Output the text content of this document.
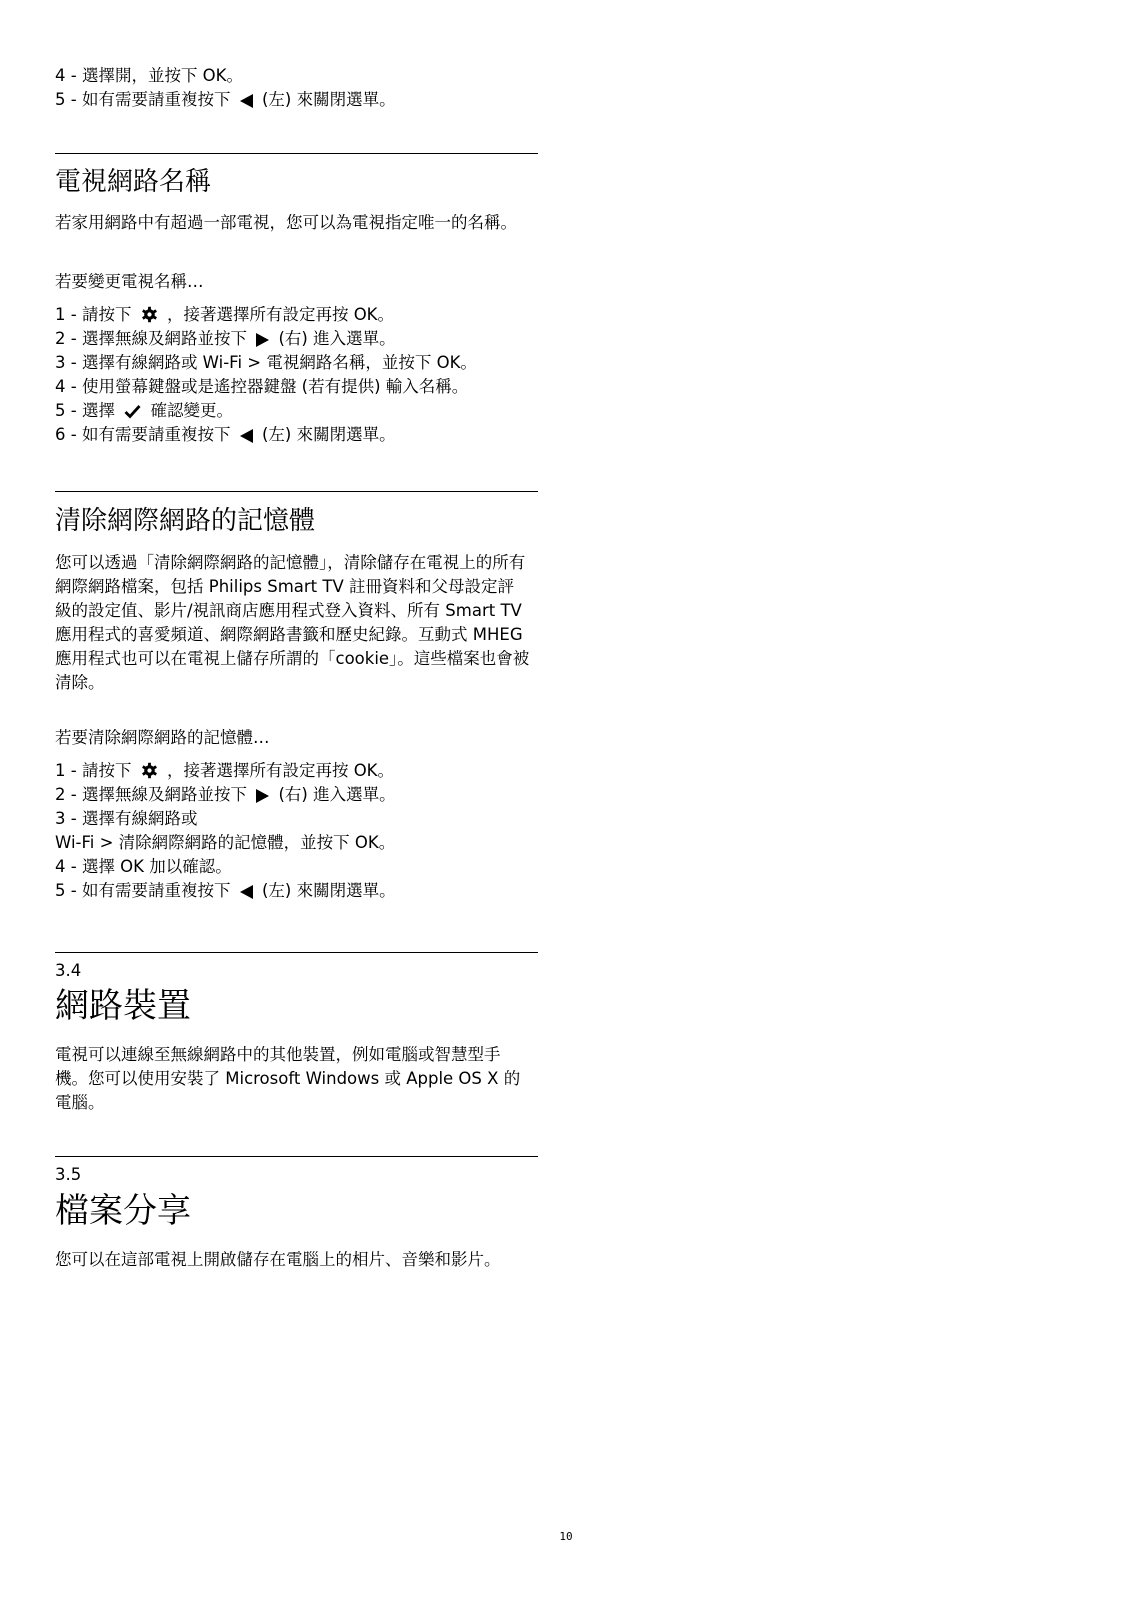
4 - 選擇開，並按下 OK。
5 - 如有需要請重複按下 (左) 來關閉選單。
電視網路名稱
若家用網路中有超過一部電視，您可以為電視指定唯一的名稱。
若要變更電視名稱…
1 - 請按下 ，接著選擇所有設定再按 OK。
2 - 選擇無線及網路並按下 (右) 進入選單。
3 - 選擇有線網路或 Wi-Fi > 電視網路名稱，並按下 OK。
4 - 使用螢幕鍵盤或是遙控器鍵盤 (若有提供) 輸入名稱。
5 - 選擇 確認變更。
6 - 如有需要請重複按下 (左) 來關閉選單。
清除網際網路的記憶體
您可以透過「清除網際網路的記憶體」，清除儲存在電視上的所有網際網路檔案，包括 Philips Smart TV 註冊資料和父母設定評級的設定值、影片/視訊商店應用程式登入資料、所有 Smart TV
應用程式的喜愛頻道、網際網路書籤和歷史紀錄。互動式 MHEG 應用程式也可以在電視上儲存所謂的「cookie」。這些檔案也會被清除。
若要清除網際網路的記憶體…
1 - 請按下 ，接著選擇所有設定再按 OK。
2 - 選擇無線及網路並按下 (右) 進入選單。
3 - 選擇有線網路或
Wi-Fi > 清除網際網路的記憶體，並按下 OK。
4 - 選擇 OK 加以確認。
5 - 如有需要請重複按下 (左) 來關閉選單。
3.4
網路裝置
電視可以連線至無線網路中的其他裝置，例如電腦或智慧型手機。您可以使用安裝了 Microsoft Windows 或 Apple OS X 的電腦。
3.5
檔案分享
您可以在這部電視上開啟儲存在電腦上的相片、音樂和影片。
10
